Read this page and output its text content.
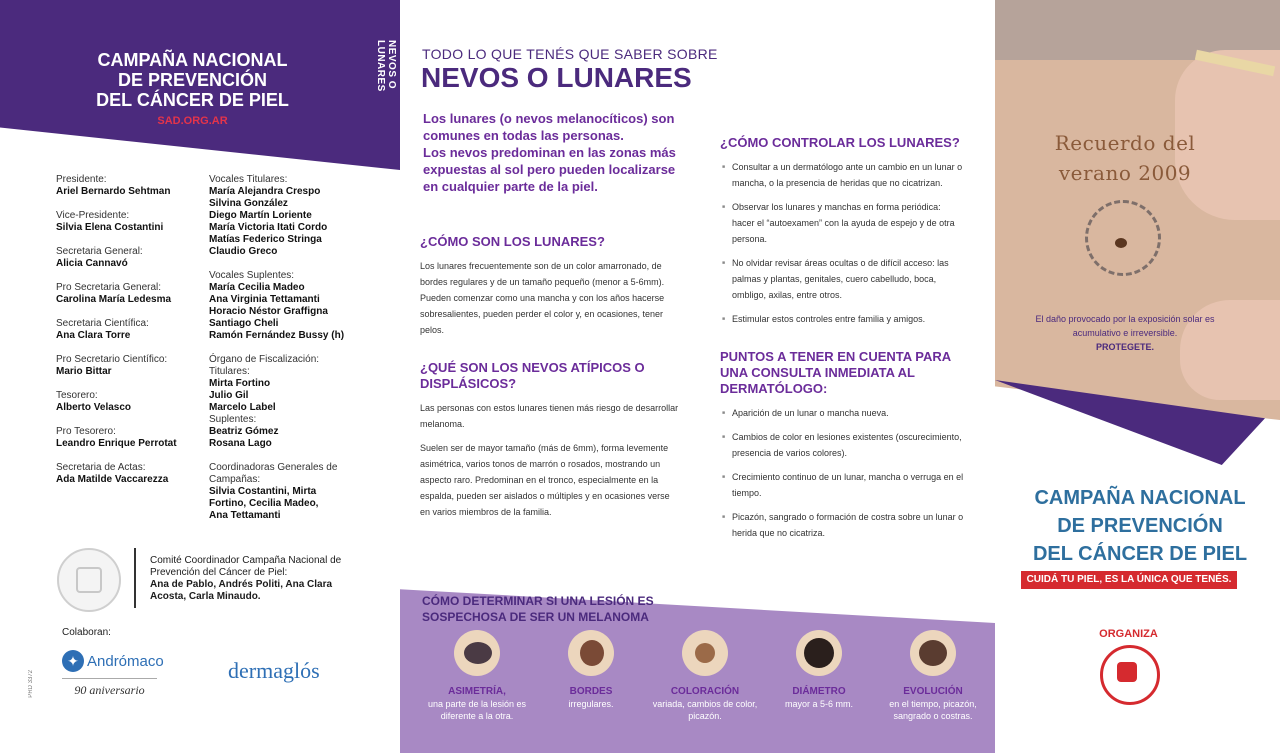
CAMPAÑA NACIONAL
DE PREVENCIÓN
DEL CÁNCER DE PIEL
SAD.ORG.AR
NEVOS O LUNARES
Presidente:
Ariel Bernardo Sehtman
Vice-Presidente:
Silvia Elena Costantini
Secretaria General:
Alicia Cannavó
Pro Secretaria General:
Carolina María Ledesma
Secretaria Científica:
Ana Clara Torre
Pro Secretario Científico:
Mario Bittar
Tesorero:
Alberto Velasco
Pro Tesorero:
Leandro Enrique Perrotat
Secretaria de Actas:
Ada Matilde Vaccarezza
Vocales Titulares:
María Alejandra Crespo
Silvina González
Diego Martín Loriente
María Victoria Itati Cordo
Matías Federico Stringa
Claudio Greco
Vocales Suplentes:
María Cecilia Madeo
Ana Virginia Tettamanti
Horacio Néstor Graffigna
Santiago Cheli
Ramón Fernández Bussy (h)
Órgano de Fiscalización:
Titulares:
Mirta Fortino
Julio Gil
Marcelo Label
Suplentes:
Beatriz Gómez
Rosana Lago
Coordinadoras Generales de Campañas:
Silvia Costantini, Mirta Fortino, Cecilia Madeo,
Ana Tettamanti
Comité Coordinador Campaña Nacional de Prevención del Cáncer de Piel:
Ana de Pablo, Andrés Politi, Ana Clara Acosta, Carla Minaudo.
Colaboran:
✦ Andrómaco
90 aniversario
dermaglós
PRD 3372
TODO LO QUE TENÉS QUE SABER SOBRE
NEVOS O LUNARES
Los lunares (o nevos melanocíticos) son comunes en todas las personas.
Los nevos predominan en las zonas más expuestas al sol pero pueden localizarse en cualquier parte de la piel.
¿CÓMO SON LOS LUNARES?

Los lunares frecuentemente son de un color amarronado, de bordes regulares y de un tamaño pequeño (menor a 5-6mm). Pueden comenzar como una mancha y con los años hacerse sobresalientes, pueden perder el color y, en ocasiones, tener pelos.

¿QUÉ SON LOS NEVOS ATÍPICOS O DISPLÁSICOS?

Las personas con estos lunares tienen más riesgo de desarrollar melanoma.

Suelen ser de mayor tamaño (más de 6mm), forma levemente asimétrica, varios tonos de marrón o rosados, mostrando un aspecto raro. Predominan en el tronco, especialmente en la espalda, pueden ser aislados o múltiples y en ocasiones verse en varios miembros de la familia.

¿CÓMO CONTROLAR LOS LUNARES?
■ Consultar a un dermatólogo ante un cambio en un lunar o mancha, o la presencia de heridas que no cicatrizan.
■ Observar los lunares y manchas en forma periódica: hacer el “autoexamen” con la ayuda de espejo y de otra persona.
■ No olvidar revisar áreas ocultas o de difícil acceso: las palmas y plantas, genitales, cuero cabelludo, boca, ombligo, axilas, entre otros.
■ Estimular estos controles entre familia y amigos.
PUNTOS A TENER EN CUENTA PARA UNA CONSULTA INMEDIATA AL DERMATÓLOGO:
■ Aparición de un lunar o mancha nueva.
■ Cambios de color en lesiones existentes (oscurecimiento, presencia de varios colores).
■ Crecimiento continuo de un lunar, mancha o verruga en el tiempo.
■ Picazón, sangrado o formación de costra sobre un lunar o herida que no cicatriza.
CÓMO DETERMINAR SI UNA LESIÓN ES SOSPECHOSA DE SER UN MELANOMA
ASIMETRÍA,
una parte de la lesión es diferente a la otra.
BORDES
irregulares.
COLORACIÓN
variada, cambios de color, picazón.
DIÁMETRO
mayor a 5-6 mm.
EVOLUCIÓN
en el tiempo, picazón, sangrado o costras.
Recuerdo del verano 2009
El daño provocado por la exposición solar es acumulativo e irreversible.
PROTEGETE.
CAMPAÑA NACIONAL
DE PREVENCIÓN
DEL CÁNCER DE PIEL
CUIDÁ TU PIEL, ES LA ÚNICA QUE TENÉS.
ORGANIZA
